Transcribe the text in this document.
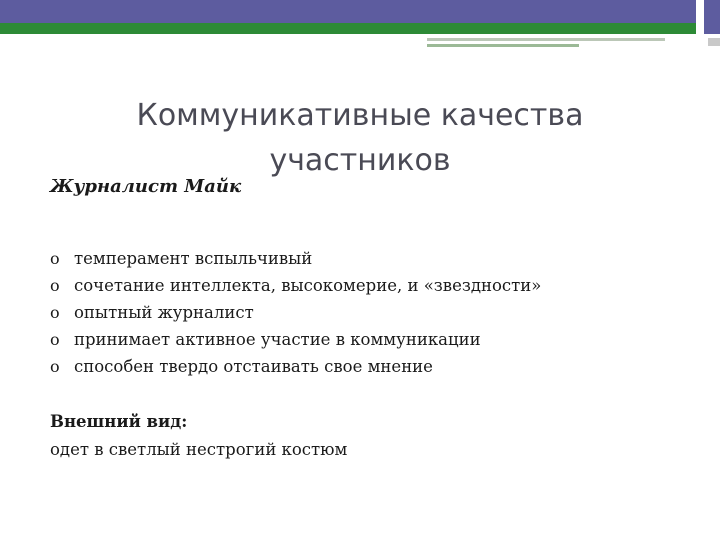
Коммуникативные качества участников
Журналист Майк
o темперамент вспыльчивый
o сочетание интеллекта, высокомерие, и «звездности»
o опытный журналист
o принимает активное участие в коммуникации
o способен твердо отстаивать свое мнение
Внешний вид:
одет в светлый нестрогий костюм
